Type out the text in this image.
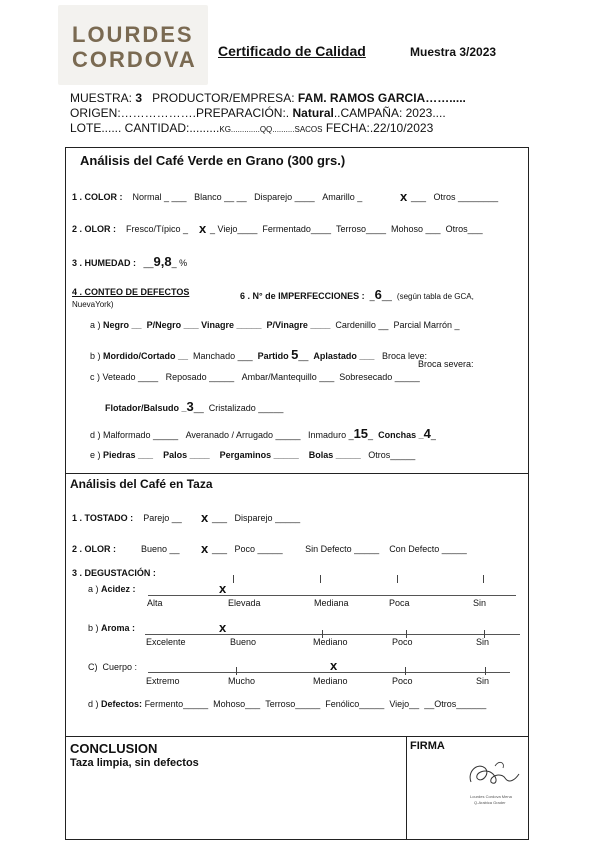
LOURDES
CORDOVA Certificado de Calidad	Muestra 3/2023
MUESTRA: 3 PRODUCTOR/EMPRESA: FAM. RAMOS GARCIA…….....
ORIGEN:……………….PREPARACIÓN:. Natural..CAMPAÑA: 2023....
LOTE...... CANTIDAD:.........KG.............QQ..........SACOS FECHA:.22/10/2023
Análisis del Café Verde en Grano (300 grs.)
1 . COLOR : Normal _ ___ Blanco __ __ Disparejo ____ Amarillo _	x ___ Otros ________
2 . OLOR : Fresco/Típico _ x _ Viejo____ Fermentado____ Terroso____ Mohoso ___ Otros___
3 . HUMEDAD : __9,8_ %
4 . CONTEO DE DEFECTOS	6 . N° de IMPERFECCIONES : _6__ (según tabla de GCA,
NuevaYork)
a ) Negro __ P/Negro ___ Vinagre _____ P/Vinagre ____ Cardenillo __ Parcial Marrón _
b ) Mordido/Cortado __ Manchado ___ Partido 5__ Aplastado ___ Broca leve:
Broca severa:
c ) Veteado ____ Reposado _____ Ambar/Mantequillo ___ Sobresecado _____
Flotador/Balsudo _3__ Cristalizado _____
d ) Malformado _____ Averanado / Arrugado _____ Inmaduro _15_ Conchas _4_
e ) Piedras ___ Palos ____ Pergaminos _____ Bolas _____ Otros_____
Análisis del Café en Taza
1 . TOSTADO : Parejo __ x ___ Disparejo _____
2 . OLOR :	Bueno __ x ___ Poco _____	Sin Defecto _____ Con Defecto _____
3 . DEGUSTACIÓN :
a ) Acidez :	x
Alta	Elevada	Mediana	Poca	Sin
b ) Aroma :	x
Excelente	Bueno	Mediano	Poco	Sin
C) Cuerpo :	x
Extremo	Mucho	Mediano	Poco	Sin
d ) Defectos: Fermento_____ Mohoso___ Terroso_____ Fenólico_____ Viejo__ __Otros______
CONCLUSION
Taza limpia, sin defectos
FIRMA
Lourdes Cordova Mena
Q-Arabica Grader
